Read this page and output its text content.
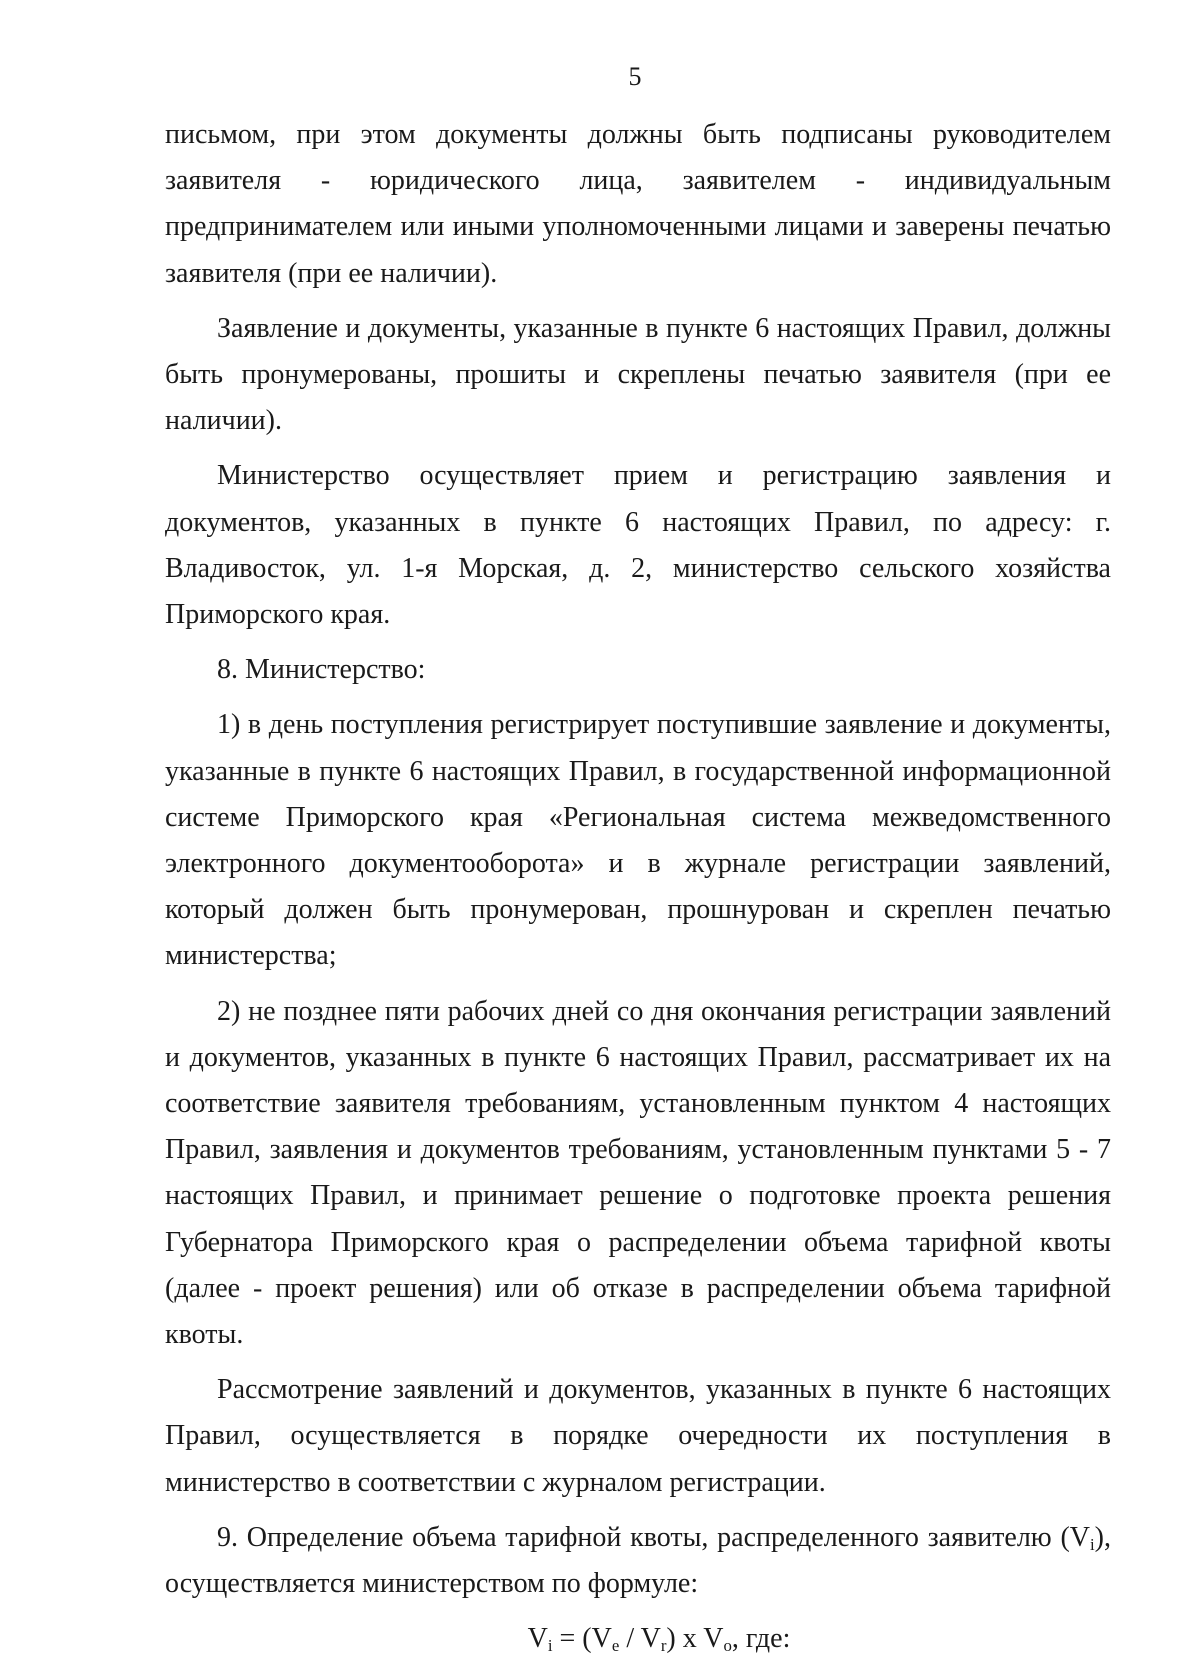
5

письмом, при этом документы должны быть подписаны руководителем заявителя - юридического лица, заявителем - индивидуальным предпринимателем или иными уполномоченными лицами и заверены печатью заявителя (при ее наличии).

Заявление и документы, указанные в пункте 6 настоящих Правил, должны быть пронумерованы, прошиты и скреплены печатью заявителя (при ее наличии).

Министерство осуществляет прием и регистрацию заявления и документов, указанных в пункте 6 настоящих Правил, по адресу: г. Владивосток, ул. 1-я Морская, д. 2, министерство сельского хозяйства Приморского края.

8. Министерство:

1) в день поступления регистрирует поступившие заявление и документы, указанные в пункте 6 настоящих Правил, в государственной информационной системе Приморского края «Региональная система межведомственного электронного документооборота» и в журнале регистрации заявлений, который должен быть пронумерован, прошнурован и скреплен печатью министерства;

2) не позднее пяти рабочих дней со дня окончания регистрации заявлений и документов, указанных в пункте 6 настоящих Правил, рассматривает их на соответствие заявителя требованиям, установленным пунктом 4 настоящих Правил, заявления и документов требованиям, установленным пунктами 5 - 7 настоящих Правил, и принимает решение о подготовке проекта решения Губернатора Приморского края о распределении объема тарифной квоты (далее - проект решения) или об отказе в распределении объема тарифной квоты.

Рассмотрение заявлений и документов, указанных в пункте 6 настоящих Правил, осуществляется в порядке очередности их поступления в министерство в соответствии с журналом регистрации.

9. Определение объема тарифной квоты, распределенного заявителю $(V_i)$, осуществляется министерством по формуле:

$V_i = (V_e / V_r)$ x $V_o$, где:
